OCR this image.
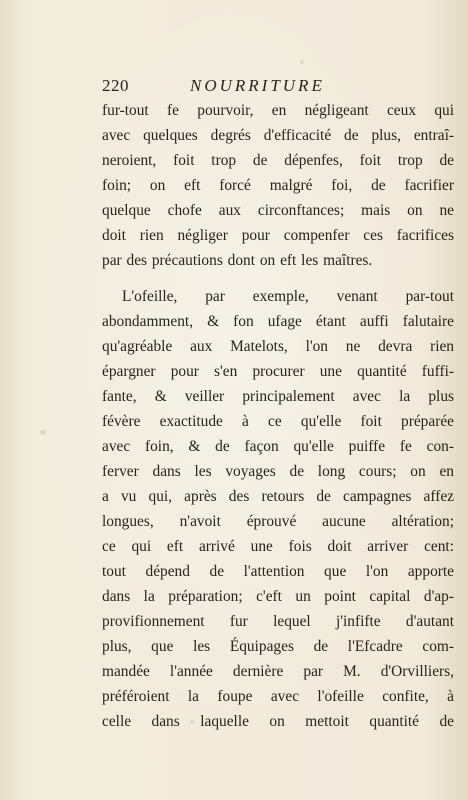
220	NOURRITURE
fur-tout fe pourvoir, en négligeant ceux qui
avec quelques degrés d'efficacité de plus, entraî-
neroient, foit trop de dépenfes, foit trop de
foin; on eft forcé malgré foi, de facrifier
quelque chofe aux circonftances; mais on ne
doit rien négliger pour compenfer ces facrifices
par des précautions dont on eft les maîtres.
L'ofeille, par exemple, venant par-tout
abondamment, & fon ufage étant auffi falutaire
qu'agréable aux Matelots, l'on ne devra rien
épargner pour s'en procurer une quantité fuffi-
fante, & veiller principalement avec la plus
févère exactitude à ce qu'elle foit préparée
avec foin, & de façon qu'elle puiffe fe con-
ferver dans les voyages de long cours; on en
a vu qui, après des retours de campagnes affez
longues, n'avoit éprouvé aucune altération;
ce qui eft arrivé une fois doit arriver cent:
tout dépend de l'attention que l'on apporte
dans la préparation; c'eft un point capital d'ap-
provifionnement fur lequel j'infifte d'autant
plus, que les Équipages de l'Efcadre com-
mandée l'année dernière par M. d'Orvilliers,
préféroient la foupe avec l'ofeille confite, à
celle dans laquelle on mettoit quantité de
